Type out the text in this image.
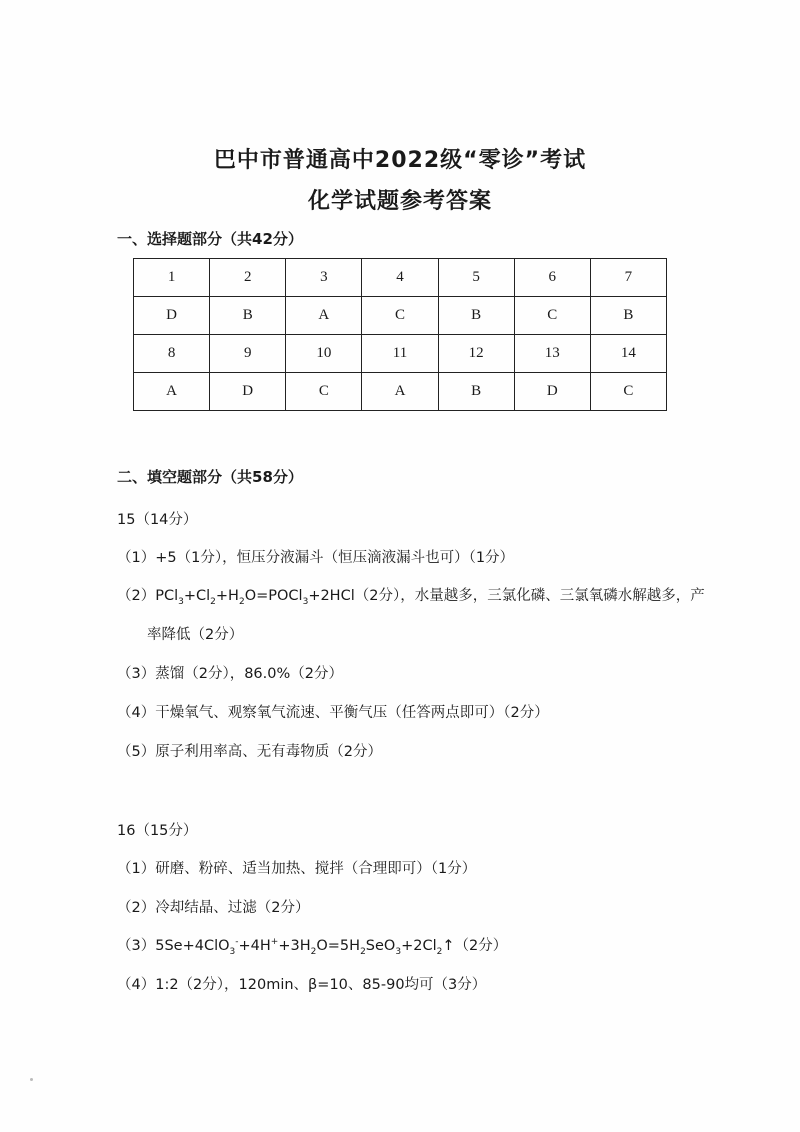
巴中市普通高中2022级“零诊”考试
化学试题参考答案
一、选择题部分（共42分）
1	2	3	4	5	6	7
D	B	A	C	B	C	B
8	9	10	11	12	13	14
A	D	C	A	B	D	C
二、填空题部分（共58分）
15（14分）
（1）+5（1分），恒压分液漏斗（恒压滴液漏斗也可）（1分）
$(2)PCl_3+Cl_2+H_2O=POCl_3+2HCl(2$分），水量越多，三氯化磷、三氯氧磷水解越多，产
率降低（2分）
（3）蒸馏（2分），86.0%（2分）
（4）干燥氧气、观察氧气流速、平衡气压（任答两点即可）（2分）
（5）原子利用率高、无有毒物质（2分）
16（15分）
（1）研磨、粉碎、适当加热、搅拌（合理即可）（1分）
（2）冷却结晶、过滤（2分）
$(3)5Se+4ClO_3^-+4H^++3H_2O=5H_2SeO_3+2Cl_2↑(2$分）
（4）1:2（2分），120min、β=10、85-90均可（3分）
